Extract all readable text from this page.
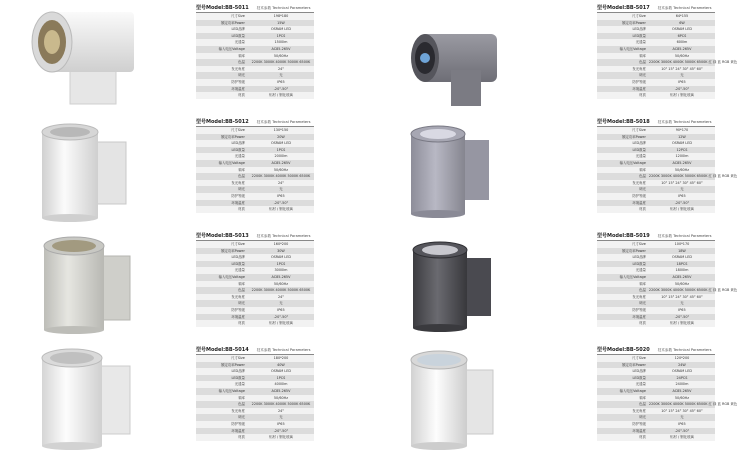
型号Model:BB-5011 技术参数 Technical Parameters
尺寸Size	198*180
额定功率Power	15W
LED品牌	OSRAM LED
LED数量	1PCS
光通量	1500lm
输入电压Voltage	AC85-265V
频率	50/60Hz
色温	2200K 3000K 4000K 5000K 6500K
发光角度	24°
调光	无
防护等级	IP65
环境温度	-20°-50°
材质	铝材 / 钢化玻璃
型号Model:BB-5012 技术参数 Technical Parameters
尺寸Size	130*150
额定功率Power	20W
LED品牌	OSRAM LED
LED数量	1PCS
光通量	2000lm
输入电压Voltage	AC85-265V
频率	50/60Hz
色温	2200K 3000K 4000K 5000K 6500K
发光角度	24°
调光	无
防护等级	IP65
环境温度	-20°-50°
材质	铝材 / 钢化玻璃
型号Model:BB-5013 技术参数 Technical Parameters
尺寸Size	160*200
额定功率Power	30W
LED品牌	OSRAM LED
LED数量	1PCS
光通量	3000lm
输入电压Voltage	AC85-265V
频率	50/60Hz
色温	2200K 3000K 4000K 5000K 6500K
发光角度	24°
调光	无
防护等级	IP65
环境温度	-20°-50°
材质	铝材 / 钢化玻璃
型号Model:BB-5014 技术参数 Technical Parameters
尺寸Size	180*200
额定功率Power	40W
LED品牌	OSRAM LED
LED数量	1PCS
光通量	4000lm
输入电压Voltage	AC85-265V
频率	50/60Hz
色温	2200K 3000K 4000K 5000K 6500K
发光角度	24°
调光	无
防护等级	IP65
环境温度	-20°-50°
材质	铝材 / 钢化玻璃
型号Model:BB-5017 技术参数 Technical Parameters
尺寸Size	64*155
额定功率Power	6W
LED品牌	OSRAM LED
LED数量	6PCS
光通量	600lm
输入电压Voltage	AC85-265V
频率	50/60Hz
色温 2200K 3000K 4000K 5000K 6500K 红 绿 蓝 RGB 黄色
发光角度	10° 15° 24° 30° 45° 60°
调光	无
防护等级	IP65
环境温度	-20°-50°
材质	铝材 / 钢化玻璃
型号Model:BB-5018 技术参数 Technical Parameters
尺寸Size	90*170
额定功率Power	12W
LED品牌	OSRAM LED
LED数量	12PCS
光通量	1200lm
输入电压Voltage	AC85-265V
频率	50/60Hz
色温 2200K 3000K 4000K 5000K 6500K 红 绿 蓝 RGB 黄色
发光角度	10° 15° 24° 30° 45° 60°
调光	无
防护等级	IP65
环境温度	-20°-50°
材质	铝材 / 钢化玻璃
型号Model:BB-5019 技术参数 Technical Parameters
尺寸Size	100*170
额定功率Power	18W
LED品牌	OSRAM LED
LED数量	18PCS
光通量	1800lm
输入电压Voltage	AC85-265V
频率	50/60Hz
色温 2200K 3000K 4000K 5000K 6500K 红 绿 蓝 RGB 黄色
发光角度	10° 15° 24° 30° 45° 60°
调光	无
防护等级	IP65
环境温度	-20°-50°
材质	铝材 / 钢化玻璃
型号Model:BB-5020 技术参数 Technical Parameters
尺寸Size	120*200
额定功率Power	24W
LED品牌	OSRAM LED
LED数量	24PCS
光通量	2400lm
输入电压Voltage	AC85-265V
频率	50/60Hz
色温 2200K 3000K 4000K 5000K 6500K 红 绿 蓝 RGB 黄色
发光角度	10° 15° 24° 30° 45° 60°
调光	无
防护等级	IP65
环境温度	-20°-50°
材质	铝材 / 钢化玻璃
